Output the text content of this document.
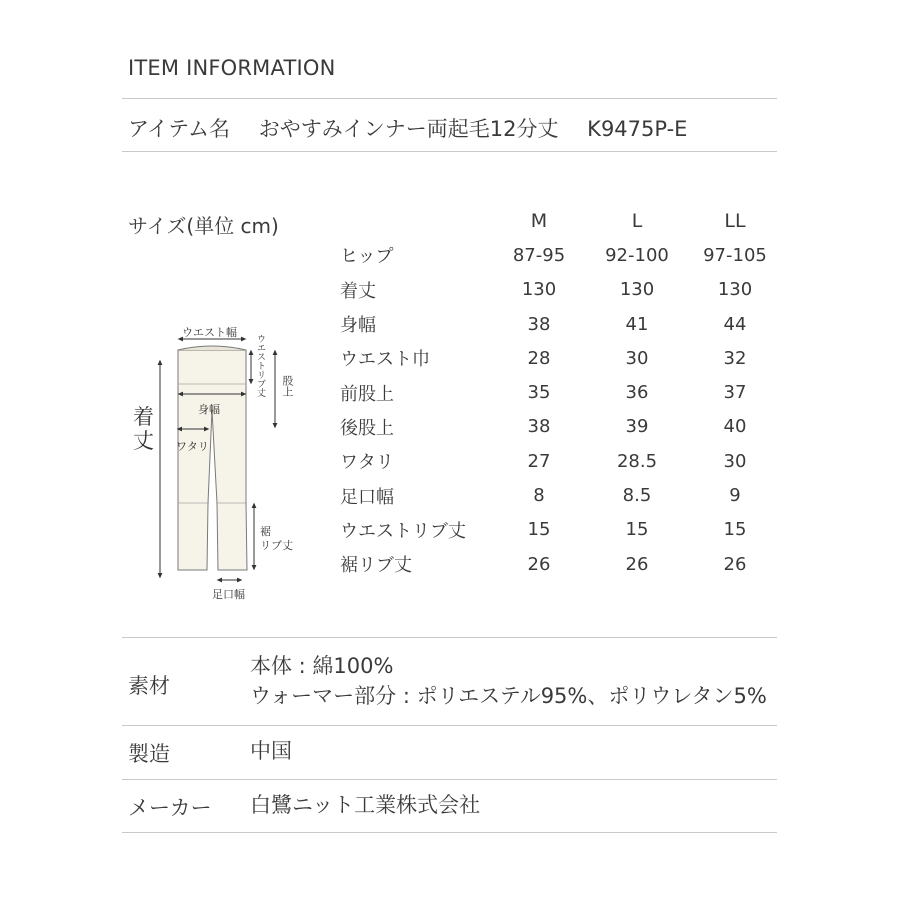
ITEM INFORMATION
アイテム名 おやすみインナー両起毛12分丈 K9475P-E
サイズ(単位 cm)
		M	L	LL
ヒップ	87-95	92-100	97-105
着丈	130	130	130
身幅	38	41	44
ウエスト巾	28	30	32
前股上	35	36	37
後股上	38	39	40
ワタリ	27	28.5	30
足口幅	8	8.5	9
ウエストリブ丈	15	15	15
裾リブ丈	26	26	26
ウエスト幅
ウエストリブ丈 股上
身幅
着
丈 ワタリ
裾
リブ丈
足口幅
素材
本体 : 綿100%
ウォーマー部分 : ポリエステル95%、ポリウレタン5%
製造	中国
メーカー 白鷺ニット工業株式会社
